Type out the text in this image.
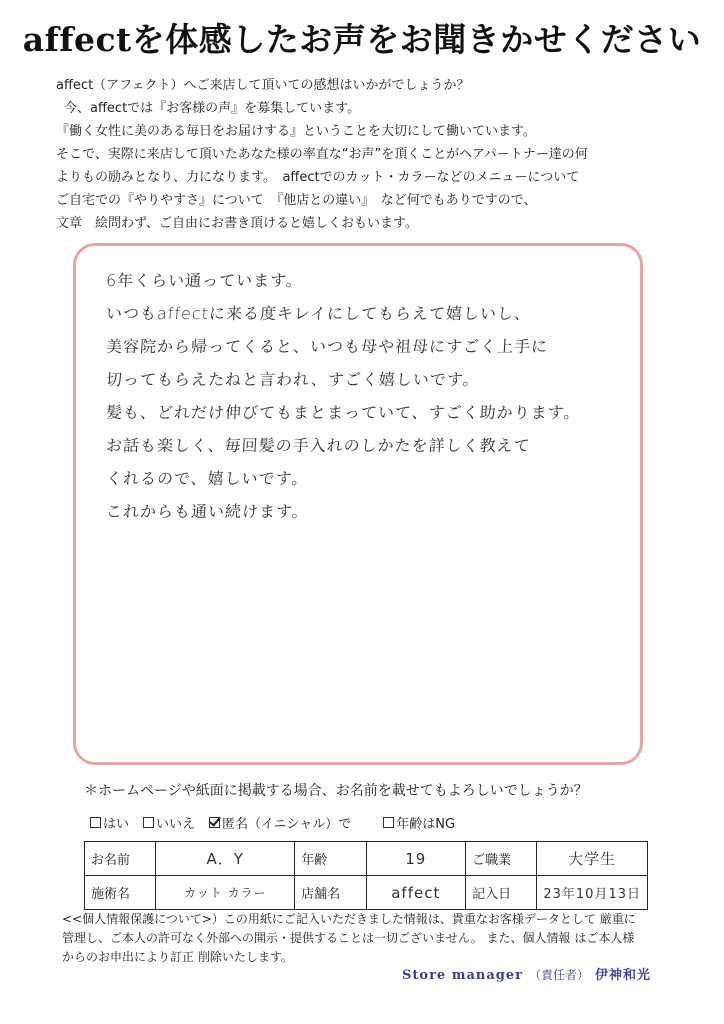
affectを体感したお声をお聞きかせください
affect（アフェクト）へご来店して頂いての感想はいかがでしょうか？
今、affectでは『お客様の声』を募集しています。
『働く女性に美のある毎日をお届けする』ということを大切にして働いています。
そこで、実際に来店して頂いたあなた様の率直な“お声”を頂くことがヘアパートナー達の何
よりもの励みとなり、力になります。　affectでのカット・カラーなどのメニューについて
ご自宅での『やりやすさ』について　『他店との違い』　など何でもありですので、
文章　絵問わず、ご自由にお書き頂けると嬉しくおもいます。
6年くらい通っています。
いつもaffectに来る度キレイにしてもらえて嬉しいし、
美容院から帰ってくると、いつも母や祖母にすごく上手に
切ってもらえたねと言われ、すごく嬉しいです。
髪も、どれだけ伸びてもまとまっていて、すごく助かります。
お話も楽しく、毎回髪の手入れのしかたを詳しく教えて
くれるので、嬉しいです。
これからも通い続けます。
＊ホームページや紙面に掲載する場合、お名前を載せてもよろしいでしょうか？
はい いいえ 匿名（イニシャル）で	年齢はNG
お名前	A．Y	年齢	19	ご職業	大学生
施術名	カット カラー	店舗名	affect	記入日	23年10月13日
<<個人情報保護について>）この用紙にご記入いただきました情報は、貴重なお客様データとして 厳重に
管理し、ご本人の許可なく外部への開示・提供することは一切ございません。 また、個人情報 はご本人様
からのお申出により訂正 削除いたします。
Store manager （責任者） 伊神和光
